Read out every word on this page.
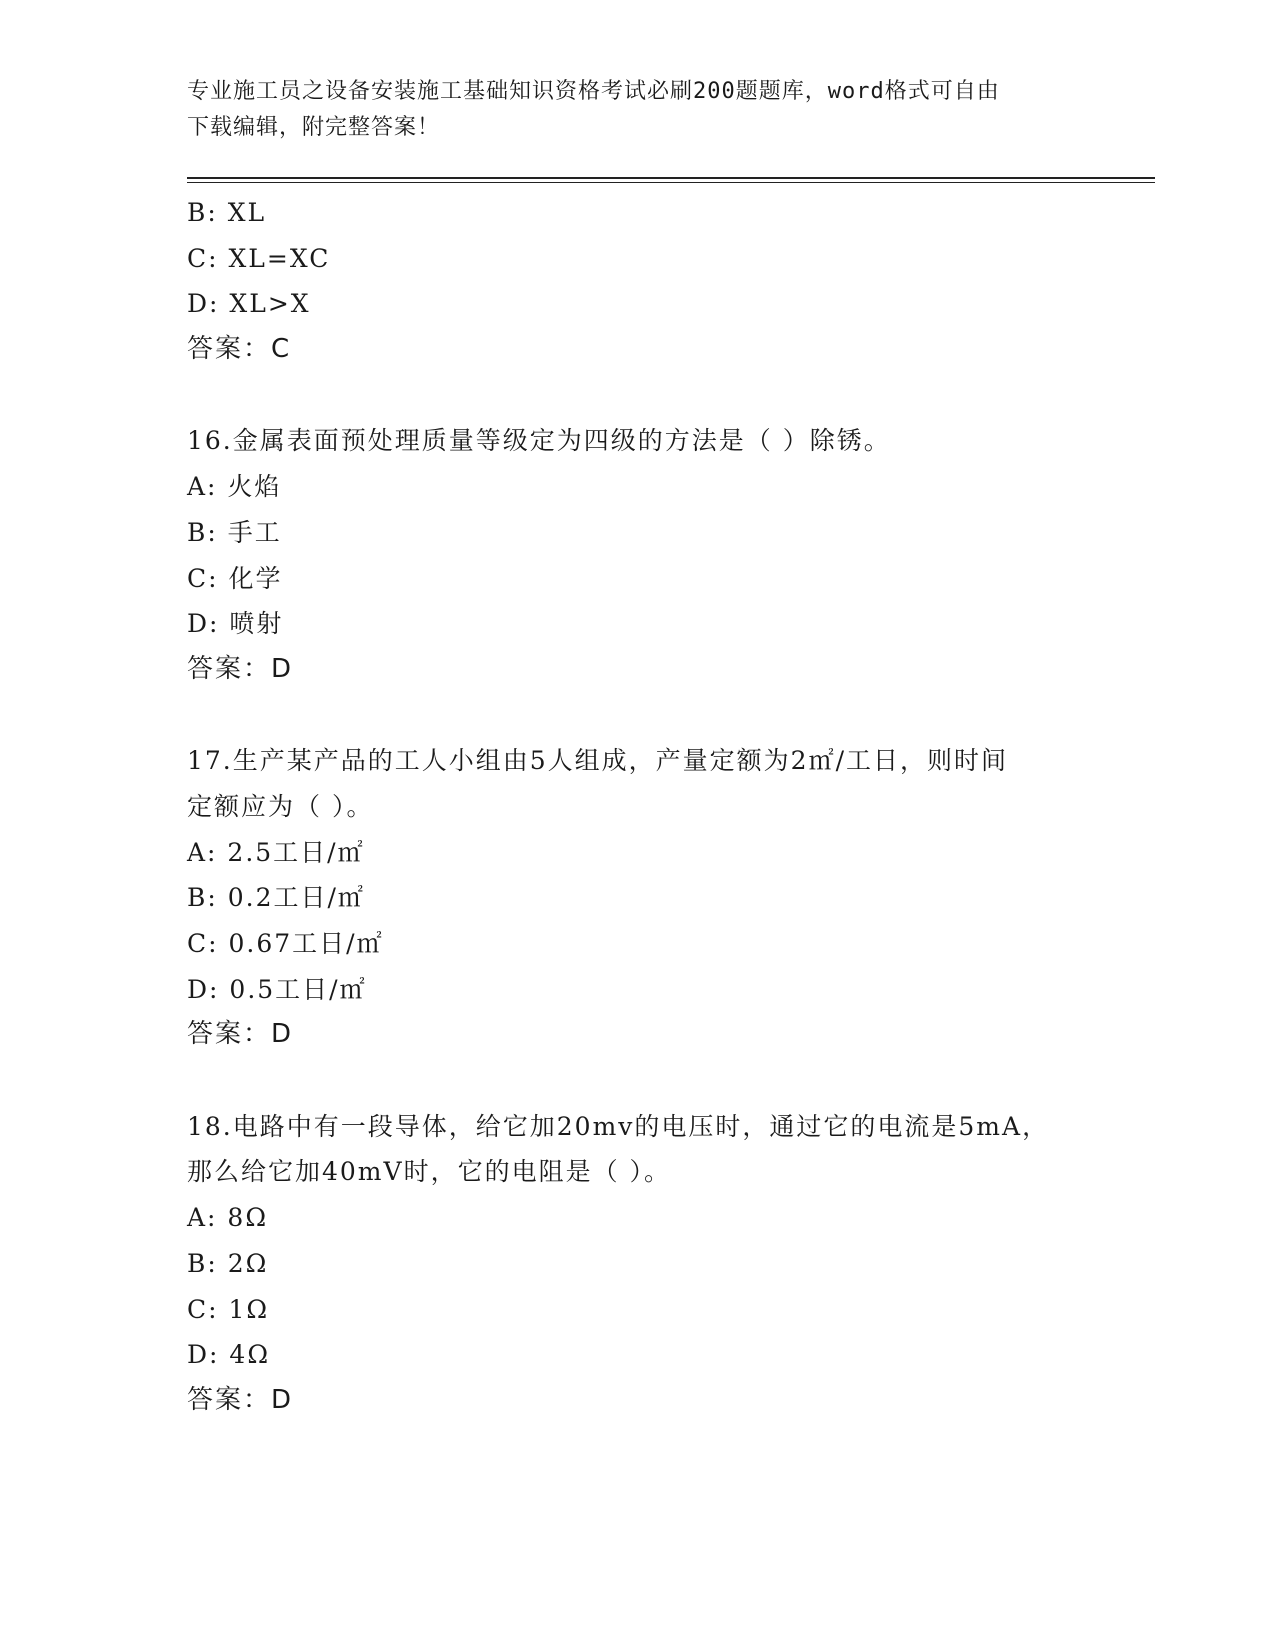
专业施工员之设备安装施工基础知识资格考试必刷200题题库，word格式可自由
下载编辑，附完整答案！
B: XL
C: XL=XC
D: XL>X
答案：C
16.金属表面预处理质量等级定为四级的方法是（ ）除锈。
A: 火焰
B: 手工
C: 化学
D: 喷射
答案：D
17.生产某产品的工人小组由5人组成，产量定额为2㎡/工日，则时间
定额应为（ ）。
A: 2.5工日/㎡
B: 0.2工日/㎡
C: 0.67工日/㎡
D: 0.5工日/㎡
答案：D
18.电路中有一段导体，给它加20mv的电压时，通过它的电流是5mA，
那么给它加40mV时，它的电阻是（ ）。
A: 8Ω
B: 2Ω
C: 1Ω
D: 4Ω
答案：D
